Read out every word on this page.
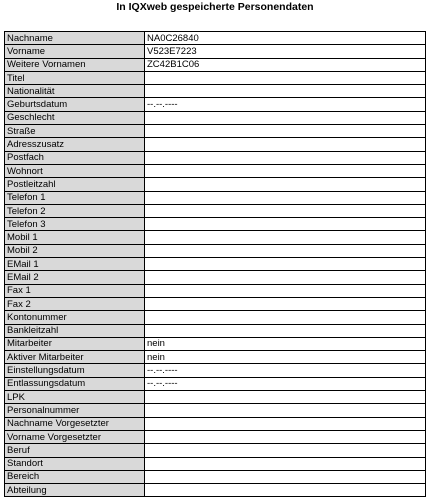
In IQXweb gespeicherte Personendaten
Nachname	NA0C26840
Vorname	V523E7223
Weitere Vornamen	ZC42B1C06
Titel	
Nationalität	
Geburtsdatum	--.--.----
Geschlecht	
Straße	
Adresszusatz	
Postfach	
Wohnort	
Postleitzahl	
Telefon 1	
Telefon 2	
Telefon 3	
Mobil 1	
Mobil 2	
EMail 1	
EMail 2	
Fax 1	
Fax 2	
Kontonummer	
Bankleitzahl	
Mitarbeiter	nein
Aktiver Mitarbeiter	nein
Einstellungsdatum	--.--.----
Entlassungsdatum	--.--.----
LPK	
Personalnummer	
Nachname Vorgesetzter	
Vorname Vorgesetzter	
Beruf	
Standort	
Bereich	
Abteilung	
